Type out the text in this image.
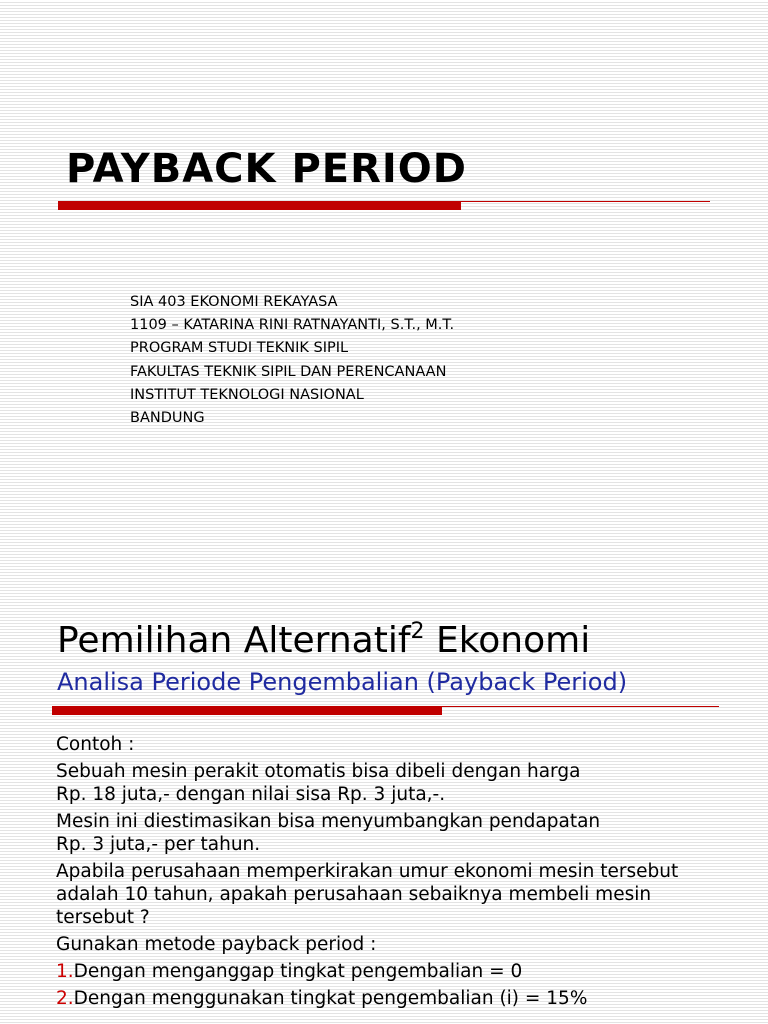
PAYBACK PERIOD
SIA 403 EKONOMI REKAYASA
1109 – KATARINA RINI RATNAYANTI, S.T., M.T.
PROGRAM STUDI TEKNIK SIPIL
FAKULTAS TEKNIK SIPIL DAN PERENCANAAN
INSTITUT TEKNOLOGI NASIONAL
BANDUNG
Pemilihan Alternatif$^2$ Ekonomi
Analisa Periode Pengembalian (Payback Period)
Contoh :
Sebuah mesin perakit otomatis bisa dibeli dengan harga
Rp. 18 juta,- dengan nilai sisa Rp. 3 juta,-.
Mesin ini diestimasikan bisa menyumbangkan pendapatan
Rp. 3 juta,- per tahun.
Apabila perusahaan memperkirakan umur ekonomi mesin tersebut
adalah 10 tahun, apakah perusahaan sebaiknya membeli mesin
tersebut ?
Gunakan metode payback period :
1.Dengan menganggap tingkat pengembalian = 0
2.Dengan menggunakan tingkat pengembalian (i) = 15%
